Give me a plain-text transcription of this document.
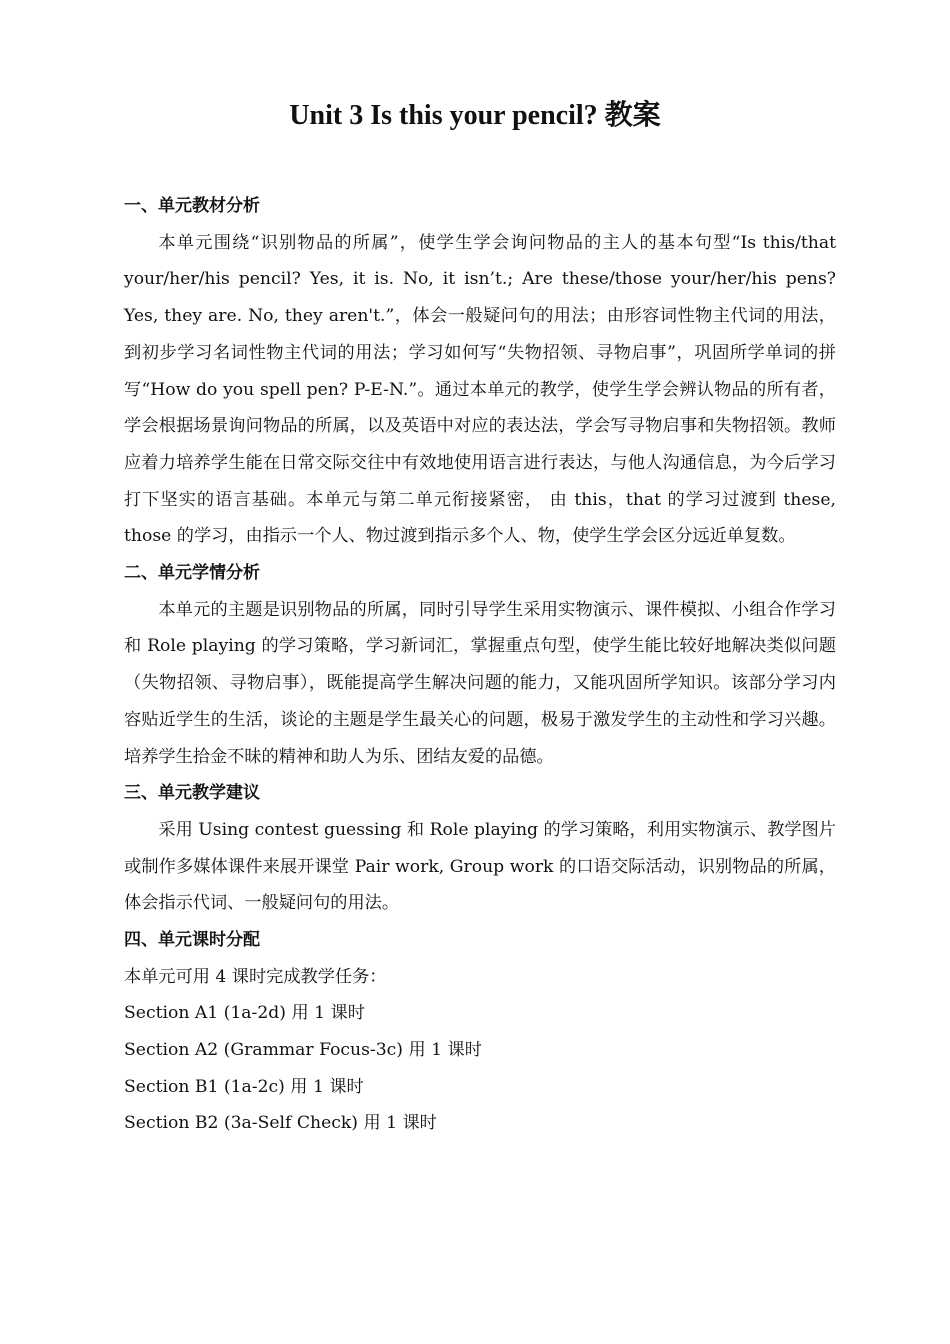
Unit 3 Is this your pencil? 教案
一、单元教材分析

本单元围绕“识别物品的所属”，使学生学会询问物品的主人的基本句型“Is this/that your/her/his pencil? Yes, it is. No, it isn’t.; Are these/those your/her/his pens? Yes, they are. No, they aren't.”，体会一般疑问句的用法；由形容词性物主代词的用法，到初步学习名词性物主代词的用法；学习如何写“失物招领、寻物启事”，巩固所学单词的拼写“How do you spell pen? P-E-N.”。通过本单元的教学，使学生学会辨认物品的所有者，学会根据场景询问物品的所属，以及英语中对应的表达法，学会写寻物启事和失物招领。教师应着力培养学生能在日常交际交往中有效地使用语言进行表达，与他人沟通信息，为今后学习打下坚实的语言基础。本单元与第二单元衔接紧密， 由 this，that 的学习过渡到 these, those 的学习，由指示一个人、物过渡到指示多个人、物，使学生学会区分远近单复数。

二、单元学情分析

本单元的主题是识别物品的所属，同时引导学生采用实物演示、课件模拟、小组合作学习和 Role playing 的学习策略，学习新词汇，掌握重点句型，使学生能比较好地解决类似问题（失物招领、寻物启事），既能提高学生解决问题的能力，又能巩固所学知识。该部分学习内容贴近学生的生活，谈论的主题是学生最关心的问题，极易于激发学生的主动性和学习兴趣。培养学生拾金不昧的精神和助人为乐、团结友爱的品德。

三、单元教学建议

采用 Using contest guessing 和 Role playing 的学习策略，利用实物演示、教学图片或制作多媒体课件来展开课堂 Pair work, Group work 的口语交际活动，识别物品的所属，体会指示代词、一般疑问句的用法。

四、单元课时分配

本单元可用 4 课时完成教学任务：

Section A1 (1a-2d) 用 1 课时

Section A2 (Grammar Focus-3c) 用 1 课时

Section B1 (1a-2c) 用 1 课时

Section B2 (3a-Self Check) 用 1 课时
